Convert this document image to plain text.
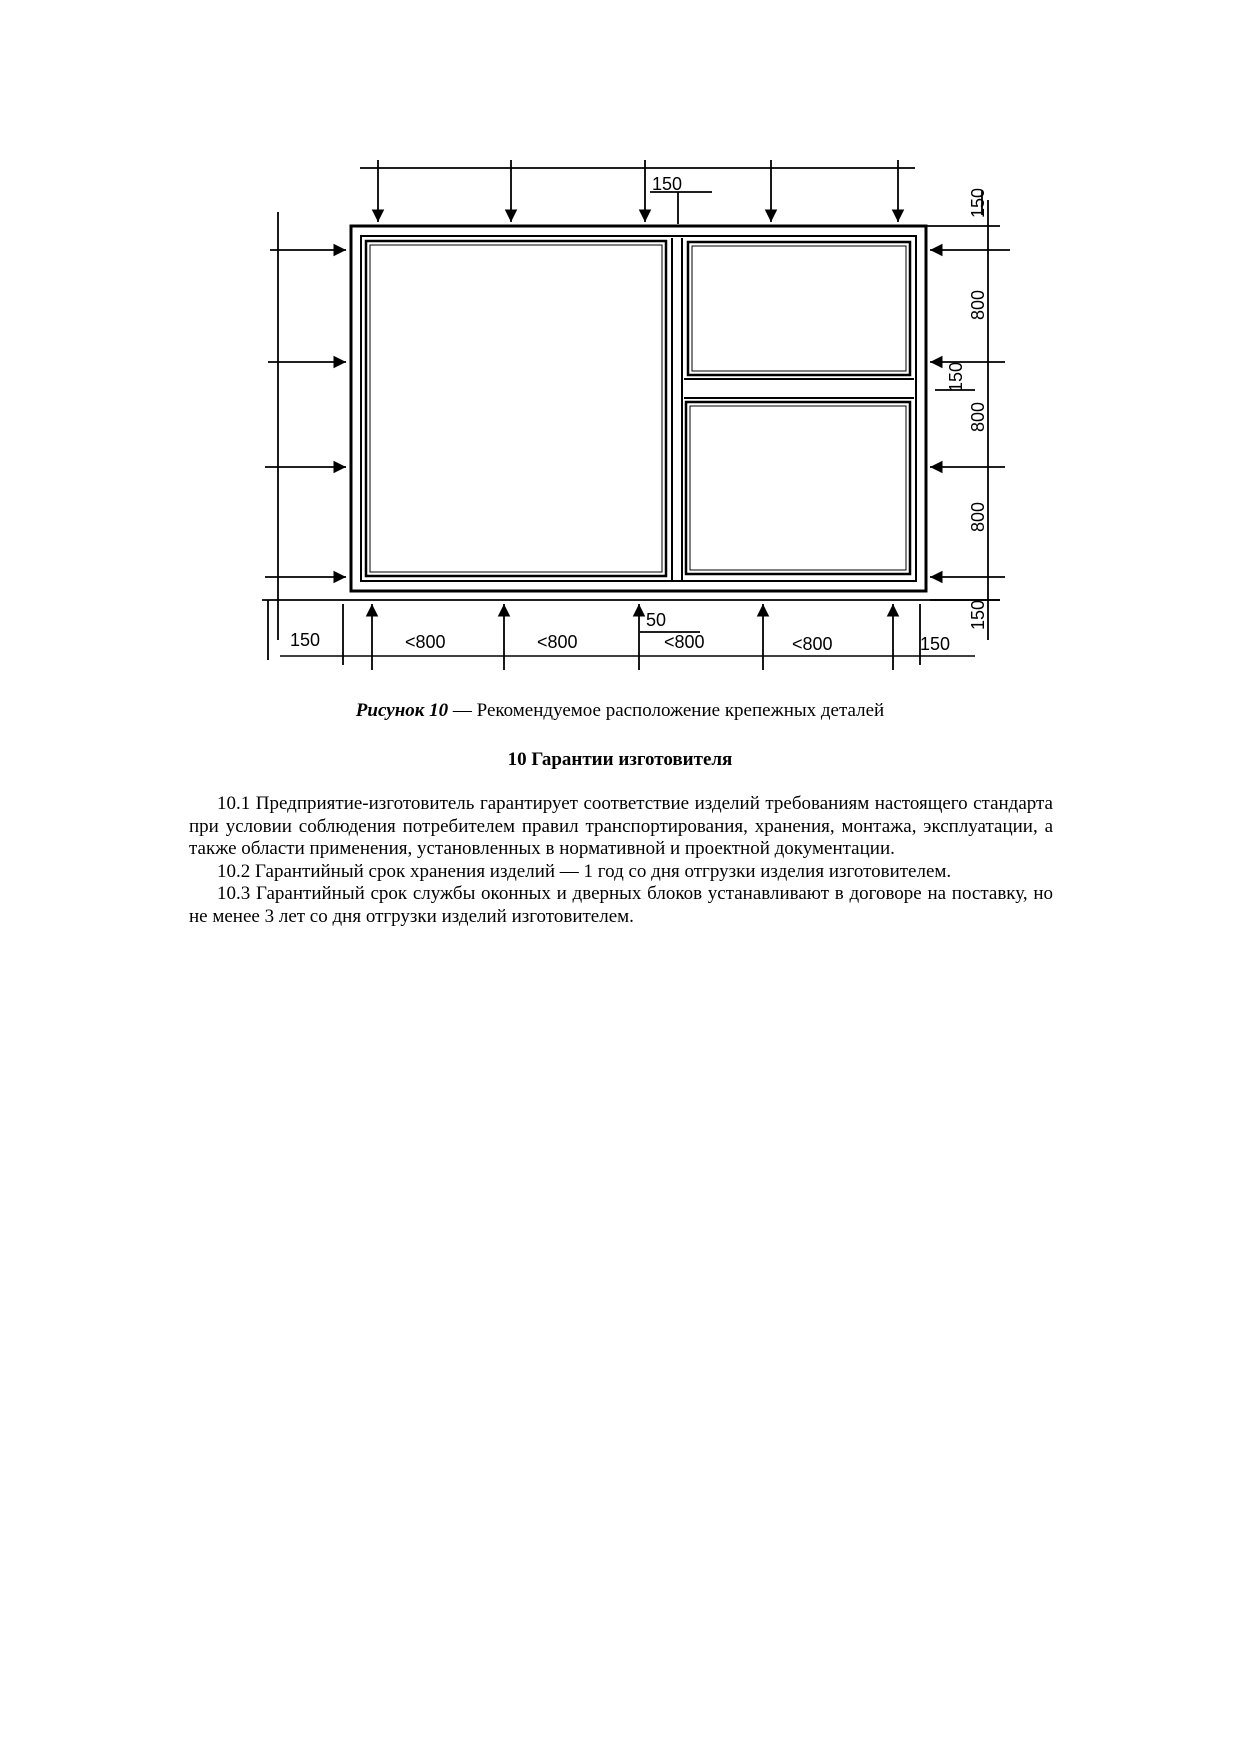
150
150
800
150
800
800
150
150	<800	<800	<800	<800	150
50
Рисунок 10 — Рекомендуемое расположение крепежных деталей
10 Гарантии изготовителя

10.1 Предприятие-изготовитель гарантирует соответствие изделий требованиям настоящего стандарта при условии соблюдения потребителем правил транспортирования, хранения, монтажа, эксплуатации, а также области применения, установленных в нормативной и проектной документации.

10.2 Гарантийный срок хранения изделий — 1 год со дня отгрузки изделия изготовителем.

10.3 Гарантийный срок службы оконных и дверных блоков устанавливают в договоре на поставку, но не менее 3 лет со дня отгрузки изделий изготовителем.
